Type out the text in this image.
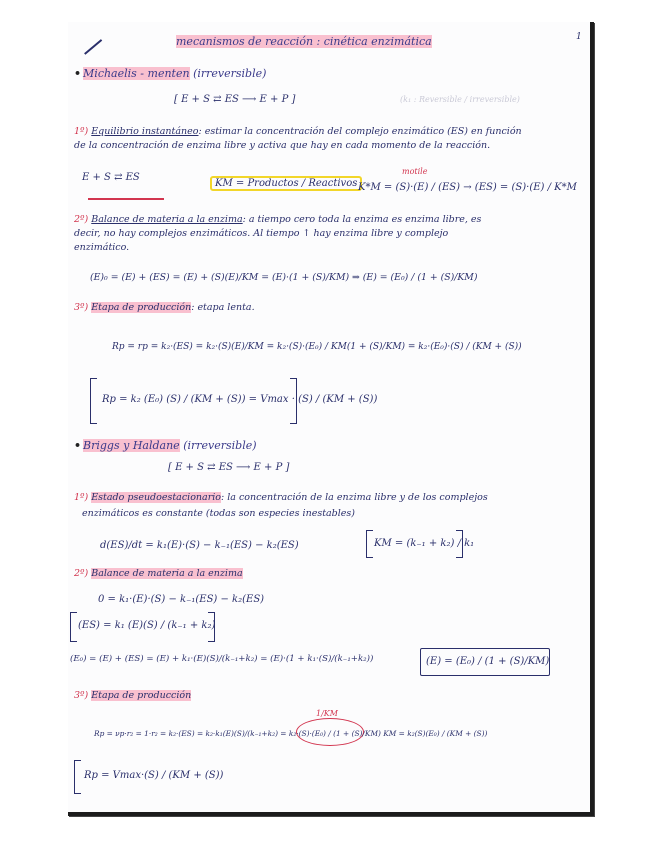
mecanismos de reacción : cinética enzimática	1
• Michaelis - menten (irreversible)
[ E + S ⇄ ES ⟶ E + P ]	(k₁ : Reversible / irreversible)
1º) Equilibrio instantáneo: estimar la concentración del complejo enzimático (ES) en función
de la concentración de enzima libre y activa que hay en cada momento de la reacción.
E + S ⇄ ES
KM = Productos / Reactivos
motile
K*M = (S)·(E) / (ES) → (ES) = (S)·(E) / K*M
2º) Balance de materia a la enzima: a tiempo cero toda la enzima es enzima libre, es
decir, no hay complejos enzimáticos. Al tiempo ↑ hay enzima libre y complejo
enzimático.
(E)₀ = (E) + (ES) = (E) + (S)(E)/KM = (E)·(1 + (S)/KM) ⇒ (E) = (E₀) / (1 + (S)/KM)
3º) Etapa de producción: etapa lenta.
Rp = rp = k₂·(ES) = k₂·(S)(E)/KM = k₂·(S)·(E₀) / KM(1 + (S)/KM) = k₂·(E₀)·(S) / (KM + (S))
Rp = k₂ (E₀) (S) / (KM + (S)) = Vmax · (S) / (KM + (S))
• Briggs y Haldane (irreversible)
[ E + S ⇄ ES ⟶ E + P ]
1º) Estado pseudoestacionario: la concentración de la enzima libre y de los complejos
enzimáticos es constante (todas son especies inestables)
d(ES)/dt = k₁(E)·(S) − k₋₁(ES) − k₂(ES)	KM = (k₋₁ + k₂) / k₁
2º) Balance de materia a la enzima
0 = k₁·(E)·(S) − k₋₁(ES) − k₂(ES)
(ES) = k₁ (E)(S) / (k₋₁ + k₂)
(E₀) = (E) + (ES) = (E) + k₁·(E)(S)/(k₋₁+k₂) = (E)·(1 + k₁·(S)/(k₋₁+k₂))	(E) = (E₀) / (1 + (S)/KM)
3º) Etapa de producción
1/KM
Rp = νp·r₂ = 1·r₂ = k₂·(ES) = k₂·k₁(E)(S)/(k₋₁+k₂) = k₂·(S)·(E₀) / (1 + (S)/KM) KM = k₂(S)(E₀) / (KM + (S))
Rp = Vmax·(S) / (KM + (S))
